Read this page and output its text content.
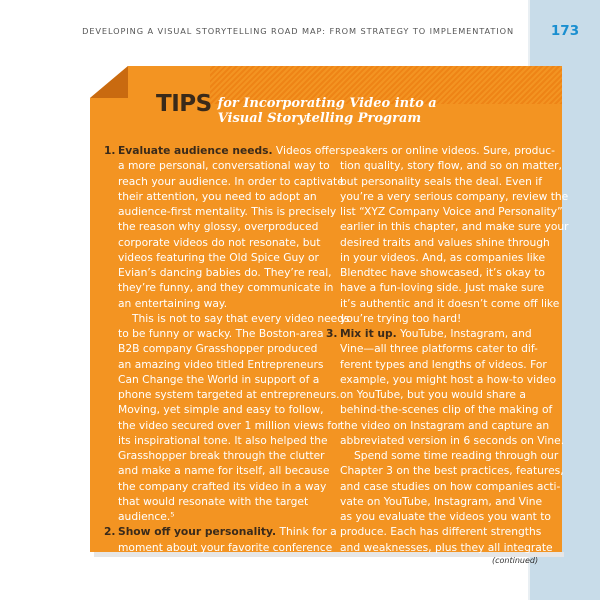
DEVELOPING A VISUAL STORYTELLING ROAD MAP: FROM STRATEGY TO IMPLEMENTATION	173
TIPS for Incorporating Video into a
Visual Storytelling Program
1. Evaluate audience needs. Videos offer
a more personal, conversational way to
reach your audience. In order to captivate
their attention, you need to adopt an
audience-first mentality. This is precisely
the reason why glossy, overproduced
corporate videos do not resonate, but
videos featuring the Old Spice Guy or
Evian’s dancing babies do. They’re real,
they’re funny, and they communicate in
an entertaining way.
This is not to say that every video needs
to be funny or wacky. The Boston-area
B2B company Grasshopper produced
an amazing video titled Entrepreneurs
Can Change the World in support of a
phone system targeted at entrepreneurs.
Moving, yet simple and easy to follow,
the video secured over 1 million views for
its inspirational tone. It also helped the
Grasshopper break through the clutter
and make a name for itself, all because
the company crafted its video in a way
that would resonate with the target
audience.⁵
2. Show off your personality. Think for a
moment about your favorite conference
speakers or online videos. Sure, produc-
tion quality, story flow, and so on matter,
but personality seals the deal. Even if
you’re a very serious company, review the
list “XYZ Company Voice and Personality”
earlier in this chapter, and make sure your
desired traits and values shine through
in your videos. And, as companies like
Blendtec have showcased, it’s okay to
have a fun-loving side. Just make sure
it’s authentic and it doesn’t come off like
you’re trying too hard!
3. Mix it up. YouTube, Instagram, and
Vine—all three platforms cater to dif-
ferent types and lengths of videos. For
example, you might host a how-to video
on YouTube, but you would share a
behind-the-scenes clip of the making of
the video on Instagram and capture an
abbreviated version in 6 seconds on Vine.
Spend some time reading through our
Chapter 3 on the best practices, features,
and case studies on how companies acti-
vate on YouTube, Instagram, and Vine
as you evaluate the videos you want to
produce. Each has different strengths
and weaknesses, plus they all integrate
(continued)
